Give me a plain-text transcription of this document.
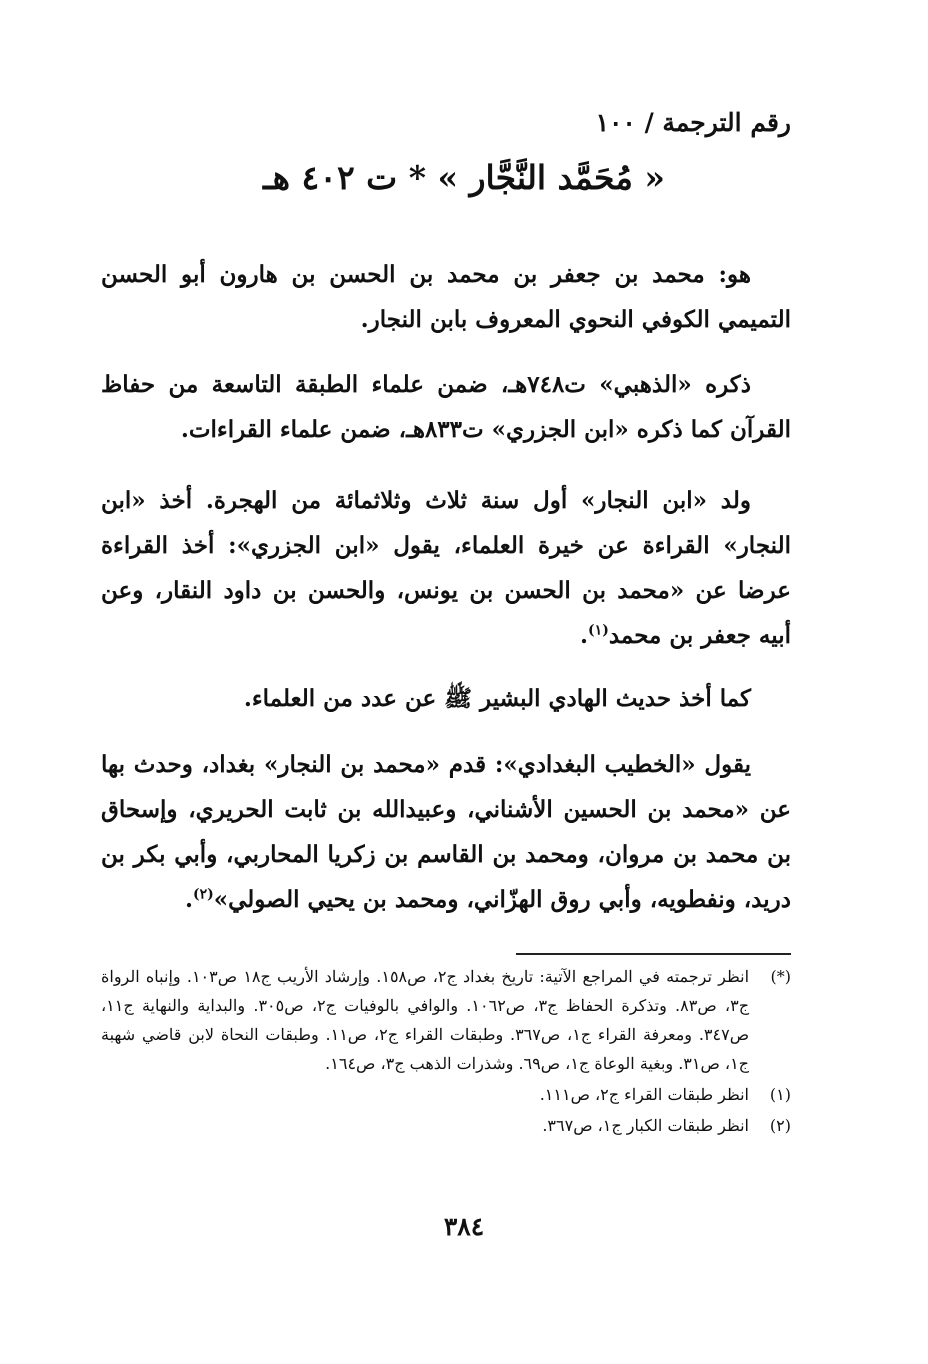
رقم الترجمة / ١٠٠
« مُحَمَّد النَّجَّار » * ت ٤٠٢ هـ

هو: محمد بن جعفر بن محمد بن الحسن بن هارون أبو الحسن التميمي الكوفي النحوي المعروف بابن النجار.

ذكره «الذهبي» ت٧٤٨هـ، ضمن علماء الطبقة التاسعة من حفاظ القرآن كما ذكره «ابن الجزري» ت٨٣٣هـ، ضمن علماء القراءات.

ولد «ابن النجار» أول سنة ثلاث وثلاثمائة من الهجرة. أخذ «ابن النجار» القراءة عن خيرة العلماء، يقول «ابن الجزري»: أخذ القراءة عرضا عن «محمد بن الحسن بن يونس، والحسن بن داود النقار، وعن أبيه جعفر بن محمد$^{(١)}$.

كما أخذ حديث الهادي البشير ﷺ عن عدد من العلماء.

يقول «الخطيب البغدادي»: قدم «محمد بن النجار» بغداد، وحدث بها عن «محمد بن الحسين الأشناني، وعبيدالله بن ثابت الحريري، وإسحاق بن محمد بن مروان، ومحمد بن القاسم بن زكريا المحاربي، وأبي بكر بن دريد، ونفطويه، وأبي روق الهزّاني، ومحمد بن يحيي الصولي»$^{(٢)}$.

(*)
انظر ترجمته في المراجع الآتية: تاريخ بغداد ج٢، ص١٥٨. وإرشاد الأريب ج١٨ ص١٠٣. وإنباه الرواة ج٣، ص٨٣. وتذكرة الحفاظ ج٣، ص١٠٦٢. والوافي بالوفيات ج٢، ص٣٠٥. والبداية والنهاية ج١١، ص٣٤٧. ومعرفة القراء ج١، ص٣٦٧. وطبقات القراء ج٢، ص١١. وطبقات النحاة لابن قاضي شهبة ج١، ص٣١. وبغية الوعاة ج١، ص٦٩. وشذرات الذهب ج٣، ص١٦٤.
(١)
انظر طبقات القراء ج٢، ص١١١.
(٢)
انظر طبقات الكبار ج١، ص٣٦٧.
٣٨٤
